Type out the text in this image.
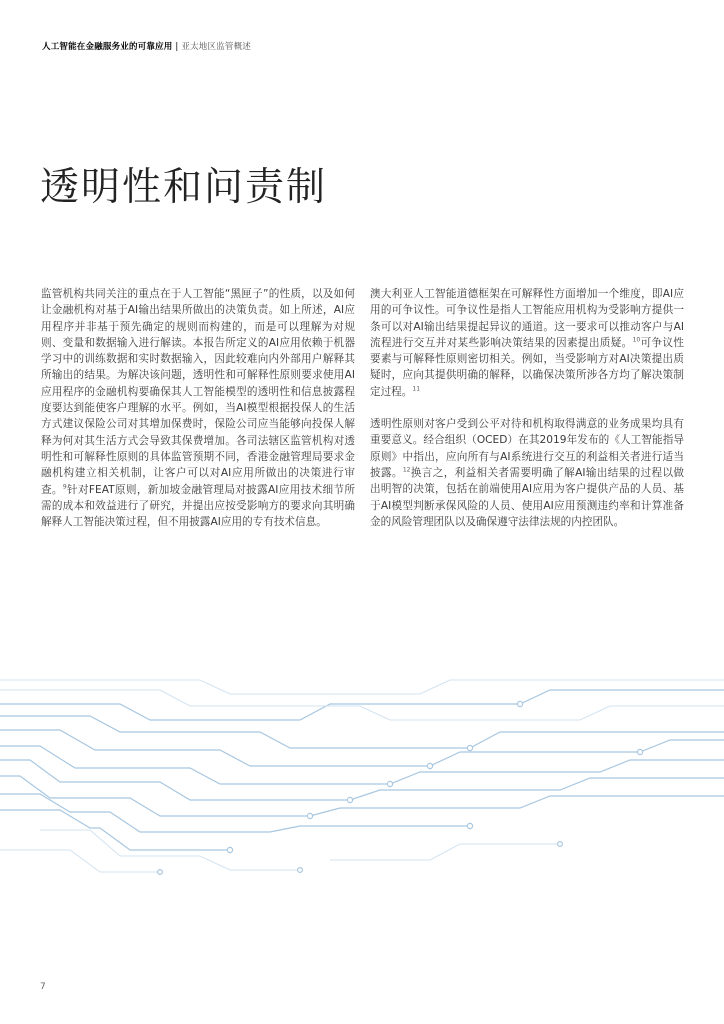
人工智能在金融服务业的可靠应用 | 亚太地区监管概述
透明性和问责制

监管机构共同关注的重点在于人工智能“黑匣子”的性质，以及如何让金融机构对基于AI输出结果所做出的决策负责。如上所述，AI应用程序并非基于预先确定的规则而构建的，而是可以理解为对规则、变量和数据输入进行解读。本报告所定义的AI应用依赖于机器学习中的训练数据和实时数据输入，因此较难向内外部用户解释其所输出的结果。为解决该问题，透明性和可解释性原则要求使用AI应用程序的金融机构要确保其人工智能模型的透明性和信息披露程度要达到能使客户理解的水平。例如，当AI模型根据投保人的生活方式建议保险公司对其增加保费时，保险公司应当能够向投保人解释为何对其生活方式会导致其保费增加。各司法辖区监管机构对透明性和可解释性原则的具体监管预期不同，香港金融管理局要求金融机构建立相关机制，让客户可以对AI应用所做出的决策进行审查。$^9$针对FEAT原则，新加坡金融管理局对披露AI应用技术细节所需的成本和效益进行了研究，并提出应按受影响方的要求向其明确解释人工智能决策过程，但不用披露AI应用的专有技术信息。

澳大利亚人工智能道德框架在可解释性方面增加一个维度，即AI应用的可争议性。可争议性是指人工智能应用机构为受影响方提供一条可以对AI输出结果提起异议的通道。这一要求可以推动客户与AI流程进行交互并对某些影响决策结果的因素提出质疑。$^{10}$可争议性要素与可解释性原则密切相关。例如，当受影响方对AI决策提出质疑时，应向其提供明确的解释，以确保决策所涉各方均了解决策制定过程。$^{11}$

透明性原则对客户受到公平对待和机构取得满意的业务成果均具有重要意义。经合组织（OCED）在其2019年发布的《人工智能指导原则》中指出，应向所有与AI系统进行交互的利益相关者进行适当披露。$^{12}$换言之，利益相关者需要明确了解AI输出结果的过程以做出明智的决策，包括在前端使用AI应用为客户提供产品的人员、基于AI模型判断承保风险的人员、使用AI应用预测违约率和计算准备金的风险管理团队以及确保遵守法律法规的内控团队。

7
